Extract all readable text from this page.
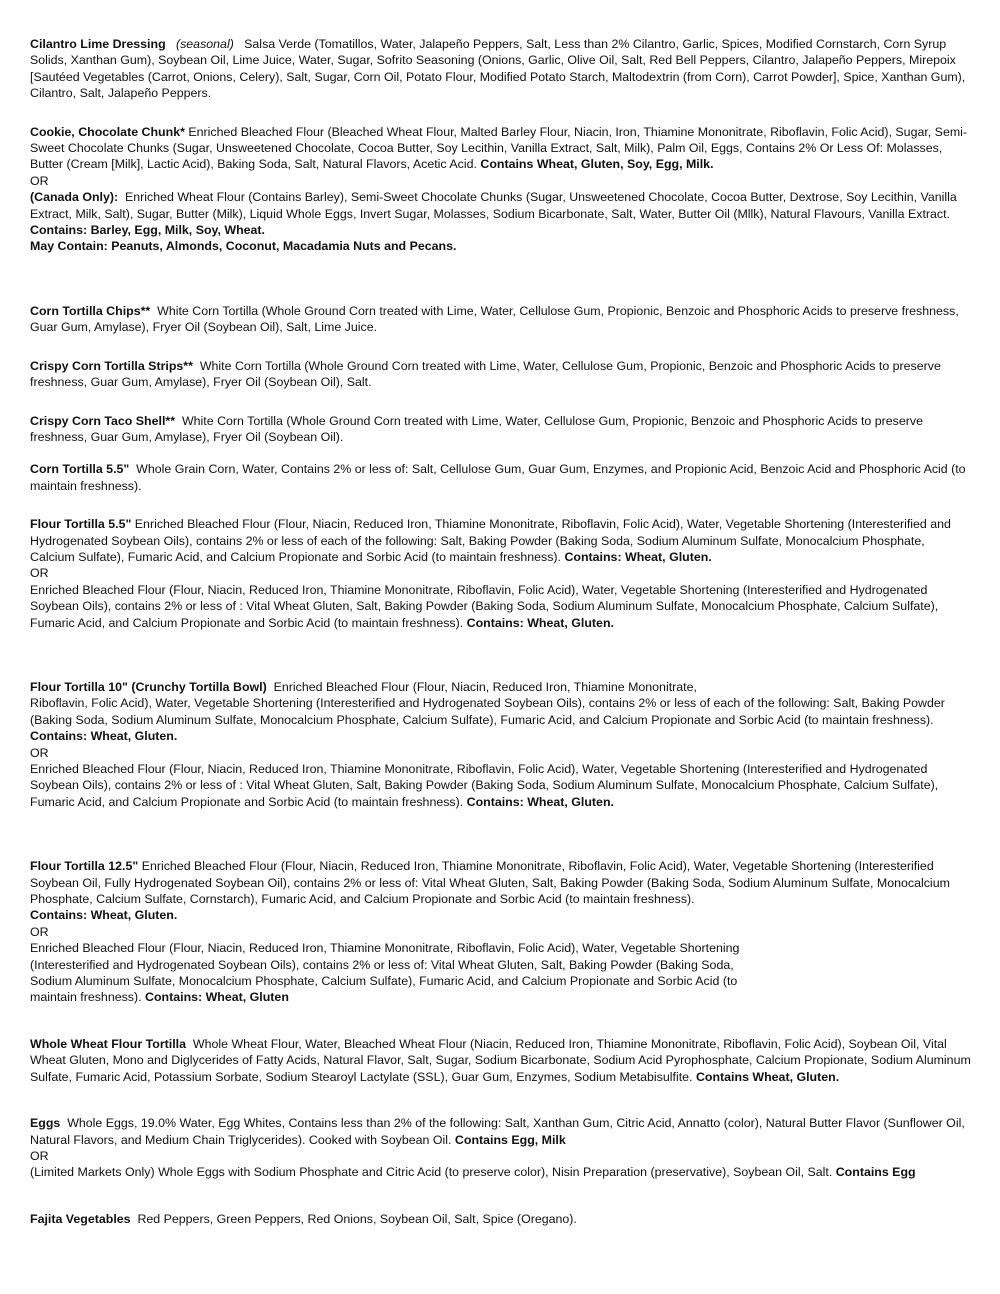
Cilantro Lime Dressing (seasonal) Salsa Verde (Tomatillos, Water, Jalapeño Peppers, Salt, Less than 2% Cilantro, Garlic, Spices, Modified Cornstarch, Corn Syrup Solids, Xanthan Gum), Soybean Oil, Lime Juice, Water, Sugar, Sofrito Seasoning (Onions, Garlic, Olive Oil, Salt, Red Bell Peppers, Cilantro, Jalapeño Peppers, Mirepoix [Sautéed Vegetables (Carrot, Onions, Celery), Salt, Sugar, Corn Oil, Potato Flour, Modified Potato Starch, Maltodextrin (from Corn), Carrot Powder], Spice, Xanthan Gum), Cilantro, Salt, Jalapeño Peppers.

Cookie, Chocolate Chunk* Enriched Bleached Flour (Bleached Wheat Flour, Malted Barley Flour, Niacin, Iron, Thiamine Mononitrate, Riboflavin, Folic Acid), Sugar, Semi-Sweet Chocolate Chunks (Sugar, Unsweetened Chocolate, Cocoa Butter, Soy Lecithin, Vanilla Extract, Salt, Milk), Palm Oil, Eggs, Contains 2% Or Less Of: Molasses, Butter (Cream [Milk], Lactic Acid), Baking Soda, Salt, Natural Flavors, Acetic Acid. Contains Wheat, Gluten, Soy, Egg, Milk.

OR

(Canada Only): Enriched Wheat Flour (Contains Barley), Semi-Sweet Chocolate Chunks (Sugar, Unsweetened Chocolate, Cocoa Butter, Dextrose, Soy Lecithin, Vanilla Extract, Milk, Salt), Sugar, Butter (Milk), Liquid Whole Eggs, Invert Sugar, Molasses, Sodium Bicarbonate, Salt, Water, Butter Oil (Mllk), Natural Flavours, Vanilla Extract. Contains: Barley, Egg, Milk, Soy, Wheat.

May Contain: Peanuts, Almonds, Coconut, Macadamia Nuts and Pecans.

Corn Tortilla Chips** White Corn Tortilla (Whole Ground Corn treated with Lime, Water, Cellulose Gum, Propionic, Benzoic and Phosphoric Acids to preserve freshness, Guar Gum, Amylase), Fryer Oil (Soybean Oil), Salt, Lime Juice.

Crispy Corn Tortilla Strips** White Corn Tortilla (Whole Ground Corn treated with Lime, Water, Cellulose Gum, Propionic, Benzoic and Phosphoric Acids to preserve freshness, Guar Gum, Amylase), Fryer Oil (Soybean Oil), Salt.

Crispy Corn Taco Shell** White Corn Tortilla (Whole Ground Corn treated with Lime, Water, Cellulose Gum, Propionic, Benzoic and Phosphoric Acids to preserve freshness, Guar Gum, Amylase), Fryer Oil (Soybean Oil).

Corn Tortilla 5.5" Whole Grain Corn, Water, Contains 2% or less of: Salt, Cellulose Gum, Guar Gum, Enzymes, and Propionic Acid, Benzoic Acid and Phosphoric Acid (to maintain freshness).

Flour Tortilla 5.5" Enriched Bleached Flour (Flour, Niacin, Reduced Iron, Thiamine Mononitrate, Riboflavin, Folic Acid), Water, Vegetable Shortening (Interesterified and Hydrogenated Soybean Oils), contains 2% or less of each of the following: Salt, Baking Powder (Baking Soda, Sodium Aluminum Sulfate, Monocalcium Phosphate, Calcium Sulfate), Fumaric Acid, and Calcium Propionate and Sorbic Acid (to maintain freshness). Contains: Wheat, Gluten.

OR

Enriched Bleached Flour (Flour, Niacin, Reduced Iron, Thiamine Mononitrate, Riboflavin, Folic Acid), Water, Vegetable Shortening (Interesterified and Hydrogenated Soybean Oils), contains 2% or less of : Vital Wheat Gluten, Salt, Baking Powder (Baking Soda, Sodium Aluminum Sulfate, Monocalcium Phosphate, Calcium Sulfate), Fumaric Acid, and Calcium Propionate and Sorbic Acid (to maintain freshness). Contains: Wheat, Gluten.

Flour Tortilla 10" (Crunchy Tortilla Bowl) Enriched Bleached Flour (Flour, Niacin, Reduced Iron, Thiamine Mononitrate,

Riboflavin, Folic Acid), Water, Vegetable Shortening (Interesterified and Hydrogenated Soybean Oils), contains 2% or less of each of the following: Salt, Baking Powder (Baking Soda, Sodium Aluminum Sulfate, Monocalcium Phosphate, Calcium Sulfate), Fumaric Acid, and Calcium Propionate and Sorbic Acid (to maintain freshness). Contains: Wheat, Gluten.

OR

Enriched Bleached Flour (Flour, Niacin, Reduced Iron, Thiamine Mononitrate, Riboflavin, Folic Acid), Water, Vegetable Shortening (Interesterified and Hydrogenated Soybean Oils), contains 2% or less of : Vital Wheat Gluten, Salt, Baking Powder (Baking Soda, Sodium Aluminum Sulfate, Monocalcium Phosphate, Calcium Sulfate), Fumaric Acid, and Calcium Propionate and Sorbic Acid (to maintain freshness). Contains: Wheat, Gluten.

Flour Tortilla 12.5" Enriched Bleached Flour (Flour, Niacin, Reduced Iron, Thiamine Mononitrate, Riboflavin, Folic Acid), Water, Vegetable Shortening (Interesterified Soybean Oil, Fully Hydrogenated Soybean Oil), contains 2% or less of: Vital Wheat Gluten, Salt, Baking Powder (Baking Soda, Sodium Aluminum Sulfate, Monocalcium Phosphate, Calcium Sulfate, Cornstarch), Fumaric Acid, and Calcium Propionate and Sorbic Acid (to maintain freshness).

Contains: Wheat, Gluten.

OR

Enriched Bleached Flour (Flour, Niacin, Reduced Iron, Thiamine Mononitrate, Riboflavin, Folic Acid), Water, Vegetable Shortening

(Interesterified and Hydrogenated Soybean Oils), contains 2% or less of: Vital Wheat Gluten, Salt, Baking Powder (Baking Soda,

Sodium Aluminum Sulfate, Monocalcium Phosphate, Calcium Sulfate), Fumaric Acid, and Calcium Propionate and Sorbic Acid (to

maintain freshness). Contains: Wheat, Gluten

Whole Wheat Flour Tortilla Whole Wheat Flour, Water, Bleached Wheat Flour (Niacin, Reduced Iron, Thiamine Mononitrate, Riboflavin, Folic Acid), Soybean Oil, Vital Wheat Gluten, Mono and Diglycerides of Fatty Acids, Natural Flavor, Salt, Sugar, Sodium Bicarbonate, Sodium Acid Pyrophosphate, Calcium Propionate, Sodium Aluminum Sulfate, Fumaric Acid, Potassium Sorbate, Sodium Stearoyl Lactylate (SSL), Guar Gum, Enzymes, Sodium Metabisulfite. Contains Wheat, Gluten.

Eggs Whole Eggs, 19.0% Water, Egg Whites, Contains less than 2% of the following: Salt, Xanthan Gum, Citric Acid, Annatto (color), Natural Butter Flavor (Sunflower Oil, Natural Flavors, and Medium Chain Triglycerides). Cooked with Soybean Oil. Contains Egg, Milk

OR

(Limited Markets Only) Whole Eggs with Sodium Phosphate and Citric Acid (to preserve color), Nisin Preparation (preservative), Soybean Oil, Salt. Contains Egg

Fajita Vegetables Red Peppers, Green Peppers, Red Onions, Soybean Oil, Salt, Spice (Oregano).
